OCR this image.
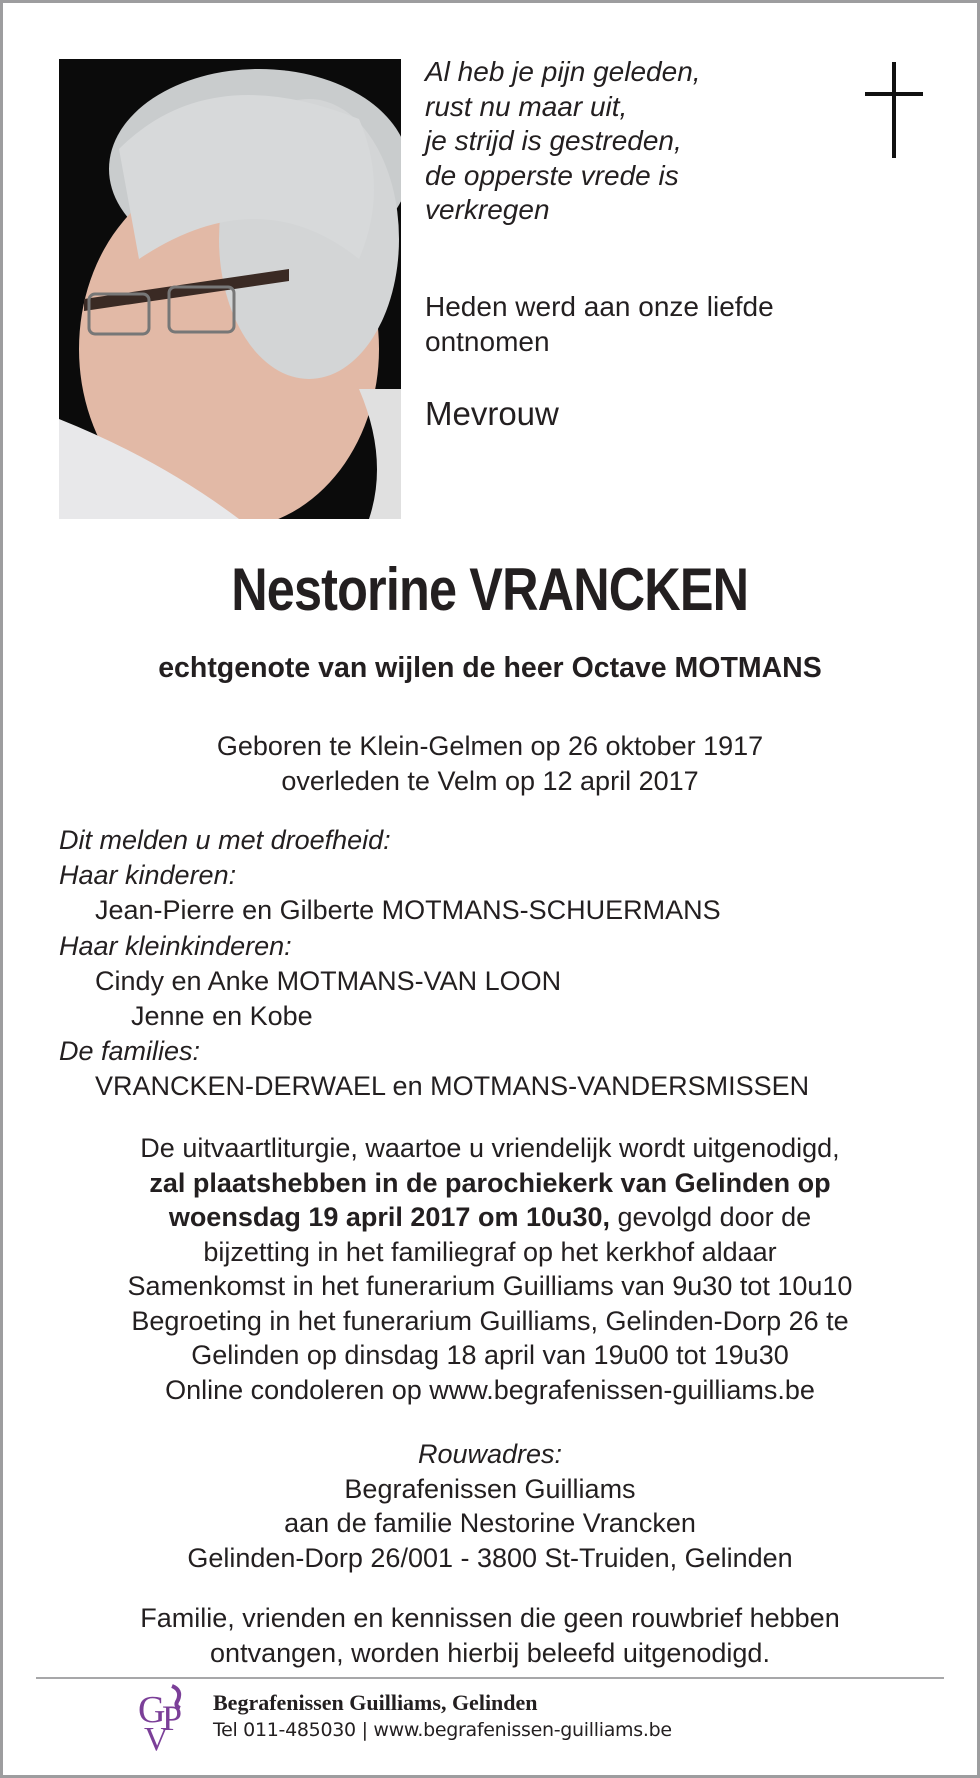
Al heb je pijn geleden,
rust nu maar uit,
je strijd is gestreden,
de opperste vrede is
verkregen
Heden werd aan onze liefde
ontnomen
Mevrouw
Nestorine VRANCKEN
echtgenote van wijlen de heer Octave MOTMANS
Geboren te Klein-Gelmen op 26 oktober 1917
overleden te Velm op 12 april 2017
Dit melden u met droefheid:
Haar kinderen:
Jean-Pierre en Gilberte MOTMANS-SCHUERMANS
Haar kleinkinderen:
Cindy en Anke MOTMANS-VAN LOON
Jenne en Kobe
De families:
VRANCKEN-DERWAEL en MOTMANS-VANDERSMISSEN
De uitvaartliturgie, waartoe u vriendelijk wordt uitgenodigd,
zal plaatshebben in de parochiekerk van Gelinden op
woensdag 19 april 2017 om 10u30, gevolgd door de
bijzetting in het familiegraf op het kerkhof aldaar
Samenkomst in het funerarium Guilliams van 9u30 tot 10u10
Begroeting in het funerarium Guilliams, Gelinden-Dorp 26 te
Gelinden op dinsdag 18 april van 19u00 tot 19u30
Online condoleren op www.begrafenissen-guilliams.be
Rouwadres:
Begrafenissen Guilliams
aan de familie Nestorine Vrancken
Gelinden-Dorp 26/001 - 3800 St-Truiden, Gelinden
Familie, vrienden en kennissen die geen rouwbrief hebben
ontvangen, worden hierbij beleefd uitgenodigd.
G
P
V
Begrafenissen Guilliams, Gelinden
Tel 011-485030 | www.begrafenissen-guilliams.be
